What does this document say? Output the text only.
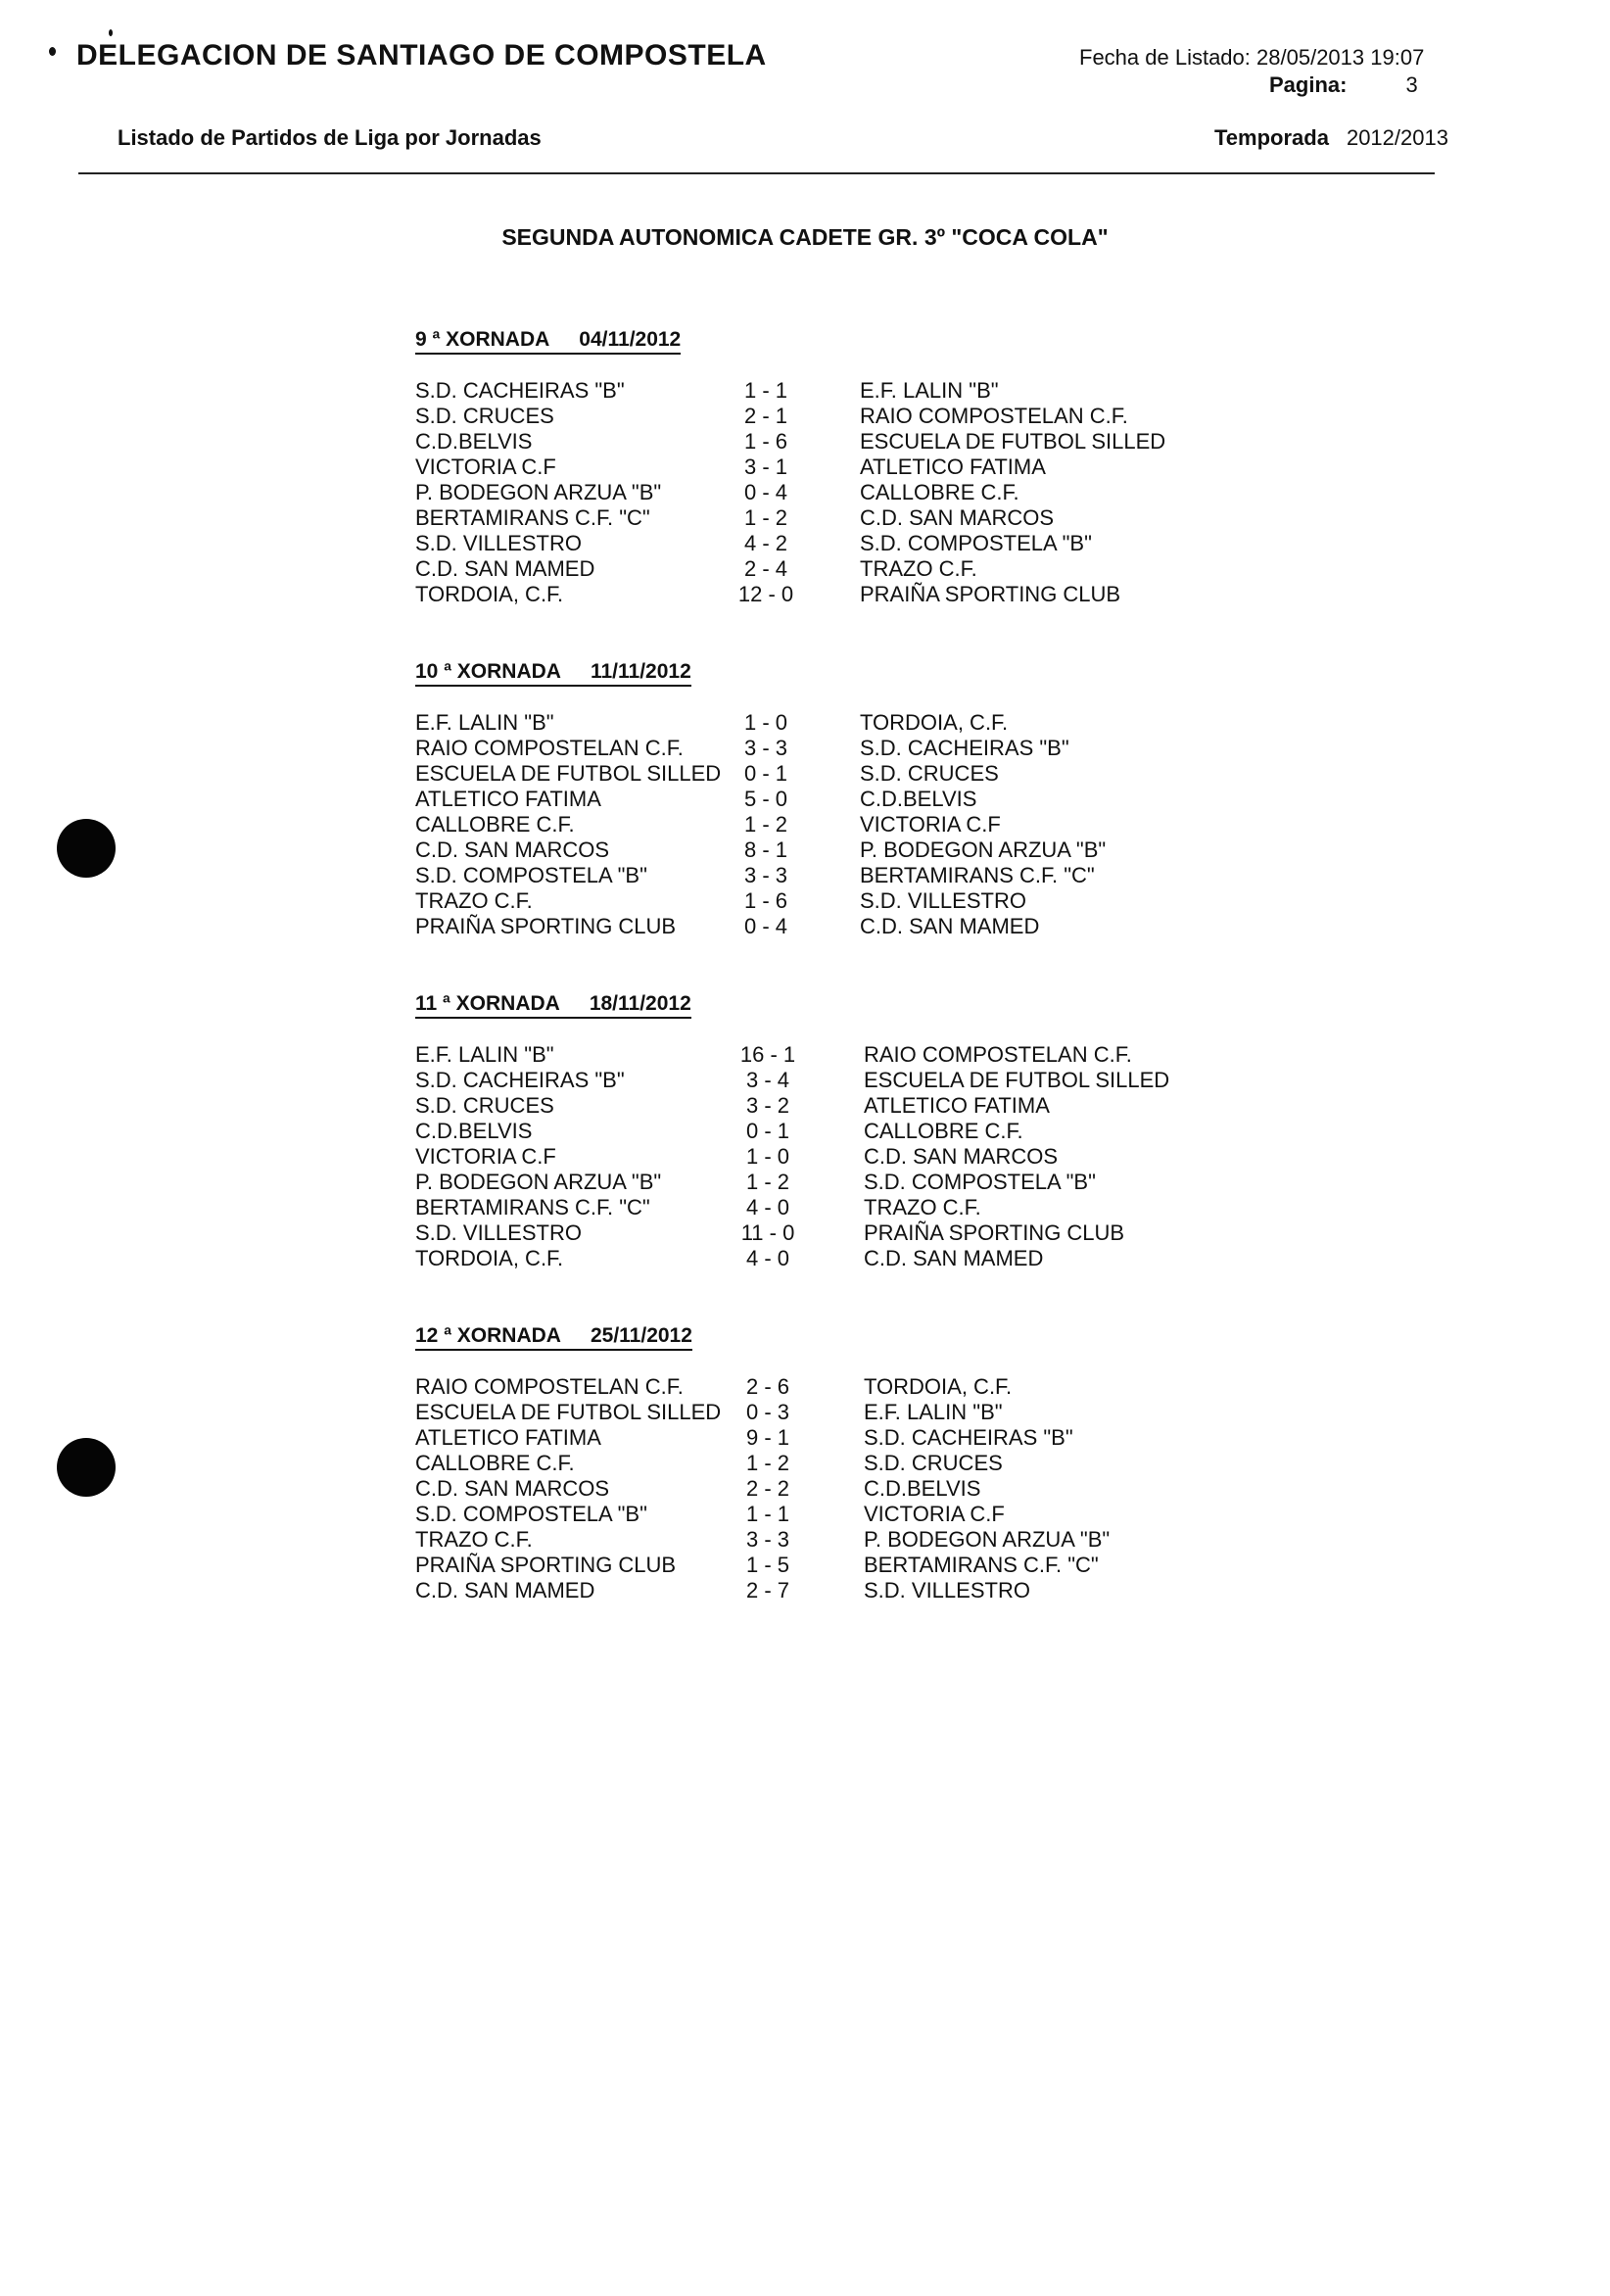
DELEGACION DE SANTIAGO DE COMPOSTELA	Fecha de Listado: 28/05/2013 19:07
Pagina:	3
Listado de Partidos de Liga por Jornadas	Temporada 2012/2013
SEGUNDA AUTONOMICA CADETE GR. 3º "COCA COLA"
9 ª XORNADA 04/11/2012
S.D. CACHEIRAS "B"	1 - 1	E.F. LALIN "B"
S.D. CRUCES	2 - 1	RAIO COMPOSTELAN C.F.
C.D.BELVIS	1 - 6	ESCUELA DE FUTBOL SILLED
VICTORIA C.F	3 - 1	ATLETICO FATIMA
P. BODEGON ARZUA "B"	0 - 4	CALLOBRE C.F.
BERTAMIRANS C.F. "C"	1 - 2	C.D. SAN MARCOS
S.D. VILLESTRO	4 - 2	S.D. COMPOSTELA "B"
C.D. SAN MAMED	2 - 4	TRAZO C.F.
TORDOIA, C.F.	12 - 0	PRAIÑA SPORTING CLUB
10 ª XORNADA 11/11/2012
E.F. LALIN "B"	1 - 0	TORDOIA, C.F.
RAIO COMPOSTELAN C.F.	3 - 3	S.D. CACHEIRAS "B"
ESCUELA DE FUTBOL SILLED	0 - 1	S.D. CRUCES
ATLETICO FATIMA	5 - 0	C.D.BELVIS
CALLOBRE C.F.	1 - 2	VICTORIA C.F
C.D. SAN MARCOS	8 - 1	P. BODEGON ARZUA "B"
S.D. COMPOSTELA "B"	3 - 3	BERTAMIRANS C.F. "C"
TRAZO C.F.	1 - 6	S.D. VILLESTRO
PRAIÑA SPORTING CLUB	0 - 4	C.D. SAN MAMED
11 ª XORNADA 18/11/2012
E.F. LALIN "B"	16 - 1	RAIO COMPOSTELAN C.F.
S.D. CACHEIRAS "B"	3 - 4	ESCUELA DE FUTBOL SILLED
S.D. CRUCES	3 - 2	ATLETICO FATIMA
C.D.BELVIS	0 - 1	CALLOBRE C.F.
VICTORIA C.F	1 - 0	C.D. SAN MARCOS
P. BODEGON ARZUA "B"	1 - 2	S.D. COMPOSTELA "B"
BERTAMIRANS C.F. "C"	4 - 0	TRAZO C.F.
S.D. VILLESTRO	11 - 0	PRAIÑA SPORTING CLUB
TORDOIA, C.F.	4 - 0	C.D. SAN MAMED
12 ª XORNADA 25/11/2012
RAIO COMPOSTELAN C.F.	2 - 6	TORDOIA, C.F.
ESCUELA DE FUTBOL SILLED	0 - 3	E.F. LALIN "B"
ATLETICO FATIMA	9 - 1	S.D. CACHEIRAS "B"
CALLOBRE C.F.	1 - 2	S.D. CRUCES
C.D. SAN MARCOS	2 - 2	C.D.BELVIS
S.D. COMPOSTELA "B"	1 - 1	VICTORIA C.F
TRAZO C.F.	3 - 3	P. BODEGON ARZUA "B"
PRAIÑA SPORTING CLUB	1 - 5	BERTAMIRANS C.F. "C"
C.D. SAN MAMED	2 - 7	S.D. VILLESTRO
